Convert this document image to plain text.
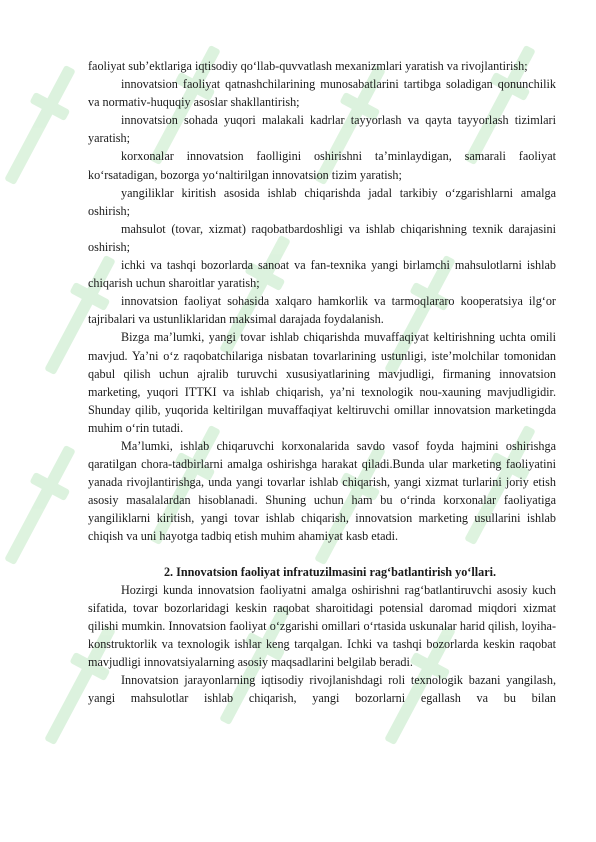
faoliyat sub’ektlariga iqtisodiy qo‘llab-quvvatlash mexanizmlari yaratish va rivojlantirish;

innovatsion faoliyat qatnashchilarining munosabatlarini tartibga soladigan qonunchilik va normativ-huquqiy asoslar shakllantirish;

innovatsion sohada yuqori malakali kadrlar tayyorlash va qayta tayyorlash tizimlari yaratish;

korxonalar innovatsion faolligini oshirishni ta’minlaydigan, samarali faoliyat ko‘rsatadigan, bozorga yo‘naltirilgan innovatsion tizim yaratish;

yangiliklar kiritish asosida ishlab chiqarishda jadal tarkibiy o‘zgarishlarni amalga oshirish;

mahsulot (tovar, xizmat) raqobatbardoshligi va ishlab chiqarishning texnik darajasini oshirish;

ichki va tashqi bozorlarda sanoat va fan-texnika yangi birlamchi mahsulotlarni ishlab chiqarish uchun sharoitlar yaratish;

innovatsion faoliyat sohasida xalqaro hamkorlik va tarmoqlararo kooperatsiya ilg‘or tajribalari va ustunliklaridan maksimal darajada foydalanish.

Bizga ma’lumki, yangi tovar ishlab chiqarishda muvaffaqiyat keltirishning uchta omili mavjud. Ya’ni o‘z raqobatchilariga nisbatan tovarlarining ustunligi, iste’molchilar tomonidan qabul qilish uchun ajralib turuvchi xususiyatlarining mavjudligi, firmaning innovatsion marketing, yuqori ITTKI va ishlab chiqarish, ya’ni texnologik nou-xauning mavjudligidir. Shunday qilib, yuqorida keltirilgan muvaffaqiyat keltiruvchi omillar innovatsion marketingda muhim o‘rin tutadi.

Ma’lumki, ishlab chiqaruvchi korxonalarida savdo vasof foyda hajmini oshirishga qaratilgan chora-tadbirlarni amalga oshirishga harakat qiladi.Bunda ular marketing faoliyatini yanada rivojlantirishga, unda yangi tovarlar ishlab chiqarish, yangi xizmat turlarini joriy etish asosiy masalalardan hisoblanadi. Shuning uchun ham bu o‘rinda korxonalar faoliyatiga yangiliklarni kiritish, yangi tovar ishlab chiqarish, innovatsion marketing usullarini ishlab chiqish va uni hayotga tadbiq etish muhim ahamiyat kasb etadi.

2. Innovatsion faoliyat infratuzilmasini rag‘batlantirish yo‘llari.

Hozirgi kunda innovatsion faoliyatni amalga oshirishni rag‘batlantiruvchi asosiy kuch sifatida, tovar bozorlaridagi keskin raqobat sharoitidagi potensial daromad miqdori xizmat qilishi mumkin. Innovatsion faoliyat o‘zgarishi omillari o‘rtasida uskunalar harid qilish, loyiha-konstruktorlik va texnologik ishlar keng tarqalgan. Ichki va tashqi bozorlarda keskin raqobat mavjudligi innovatsiyalarning asosiy maqsadlarini belgilab beradi.

Innovatsion jarayonlarning iqtisodiy rivojlanishdagi roli texnologik bazani yangilash, yangi mahsulotlar ishlab chiqarish, yangi bozorlarni egallash va bu bilan
